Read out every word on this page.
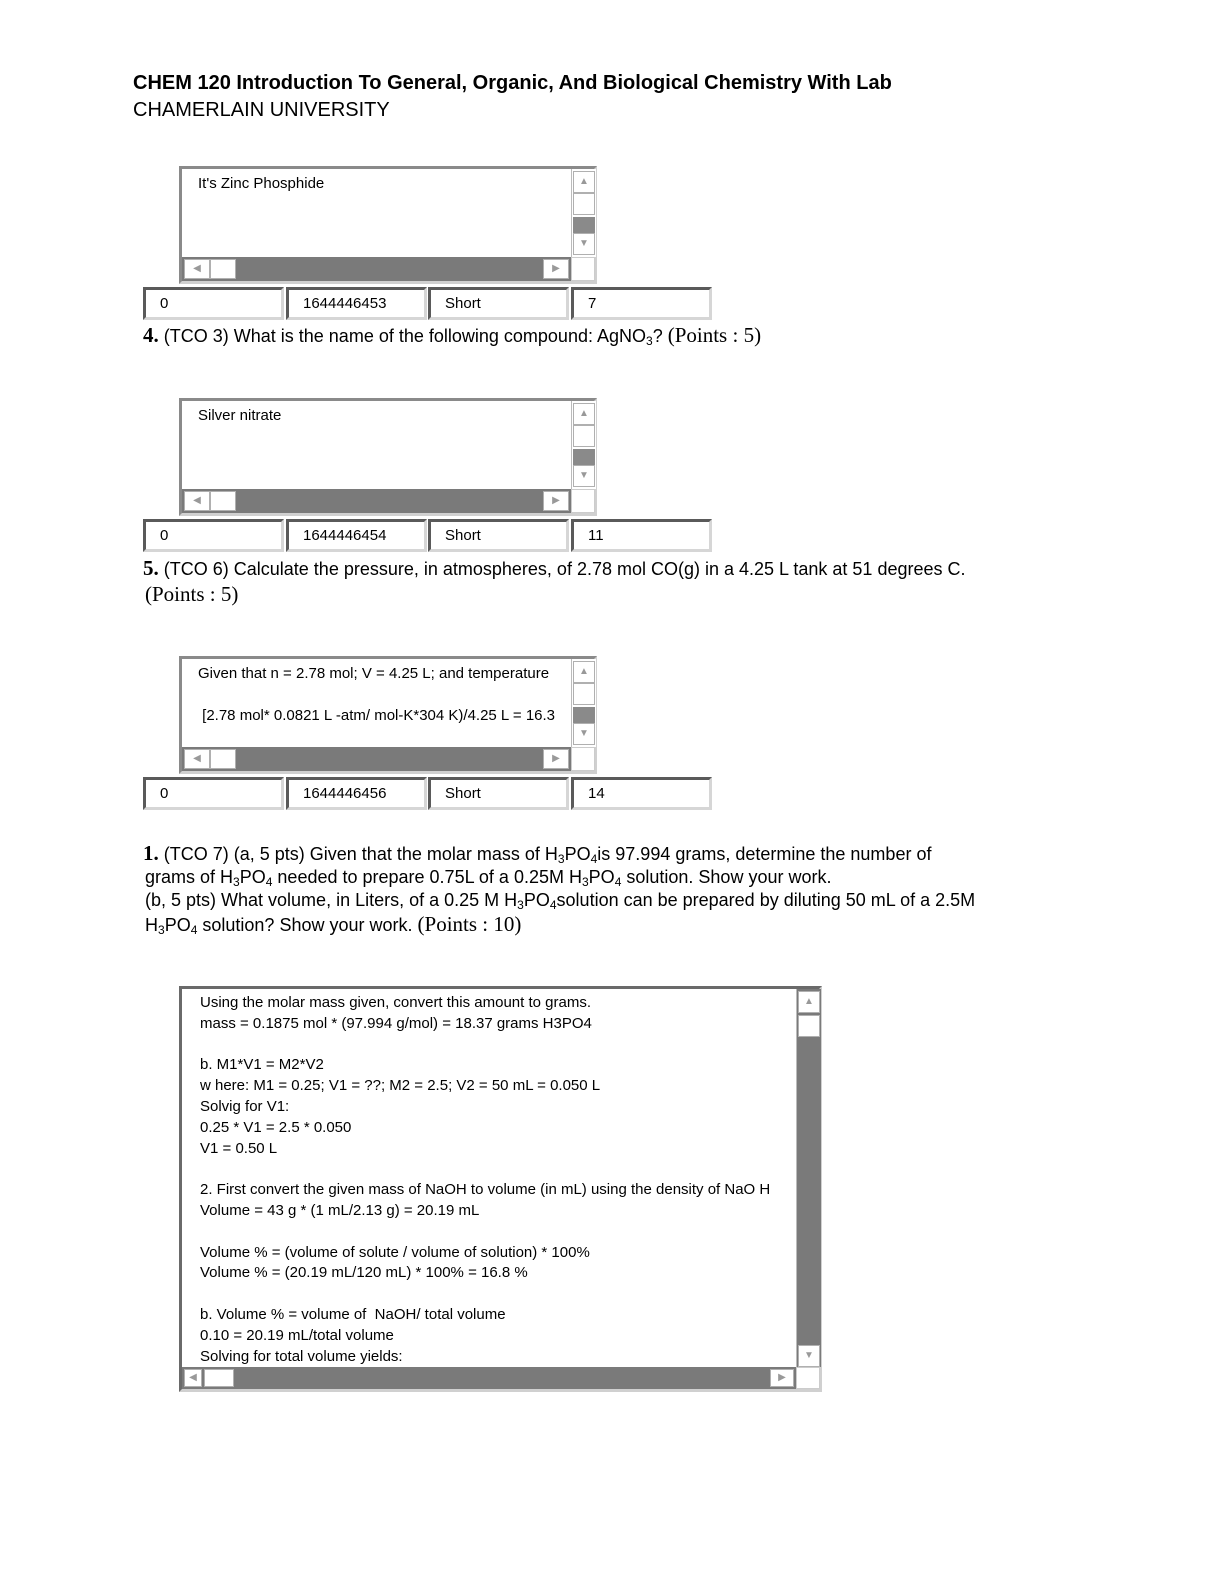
CHEM 120 Introduction To General, Organic, And Biological Chemistry With Lab
CHAMERLAIN UNIVERSITY
It's Zinc Phosphide	▲
▼
◀	▶
0	1644446453	Short	7
4. (TCO 3) What is the name of the following compound: AgNO$_3$? (Points : 5)
Silver nitrate	▲
▼
◀	▶
0	1644446454	Short	11
5. (TCO 6) Calculate the pressure, in atmospheres, of 2.78 mol CO(g) in a 4.25 L tank at 51 degrees C.
(Points : 5)
Given that n = 2.78 mol; V = 4.25 L; and temperature

[2.78 mol* 0.0821 L -atm/ mol-K*304 K)/4.25 L = 16.3
▲
▼
◀	▶
0	1644446456	Short	14
1. (TCO 7) (a, 5 pts) Given that the molar mass of $H_3PO_4is$ 97.994 grams, determine the number of
grams of $H_3PO_4$ needed to prepare 0.75L of a 0.25M $H_3PO_4$ solution. Show your work.
(b, 5 pts) What volume, in Liters, of a 0.25 M $H_3PO_4solution$ can be prepared by diluting 50 mL of a 2.5M
$H_3PO_4$ solution? Show your work. (Points : 10)
Using the molar mass given, convert this amount to grams.
mass = 0.1875 mol * (97.994 g/mol) = 18.37 grams H3PO4

b. M1*V1 = M2*V2
w here: M1 = 0.25; V1 = ??; M2 = 2.5; V2 = 50 mL = 0.050 L
Solvig for V1:
0.25 * V1 = 2.5 * 0.050
V1 = 0.50 L

2. First convert the given mass of NaOH to volume (in mL) using the density of NaO H
Volume = 43 g * (1 mL/2.13 g) = 20.19 mL

Volume % = (volume of solute / volume of solution) * 100%
Volume % = (20.19 mL/120 mL) * 100% = 16.8 %

b. Volume % = volume of  NaOH/ total volume
0.10 = 20.19 mL/total volume
Solving for total volume yields:
▲
▼
◀	▶
